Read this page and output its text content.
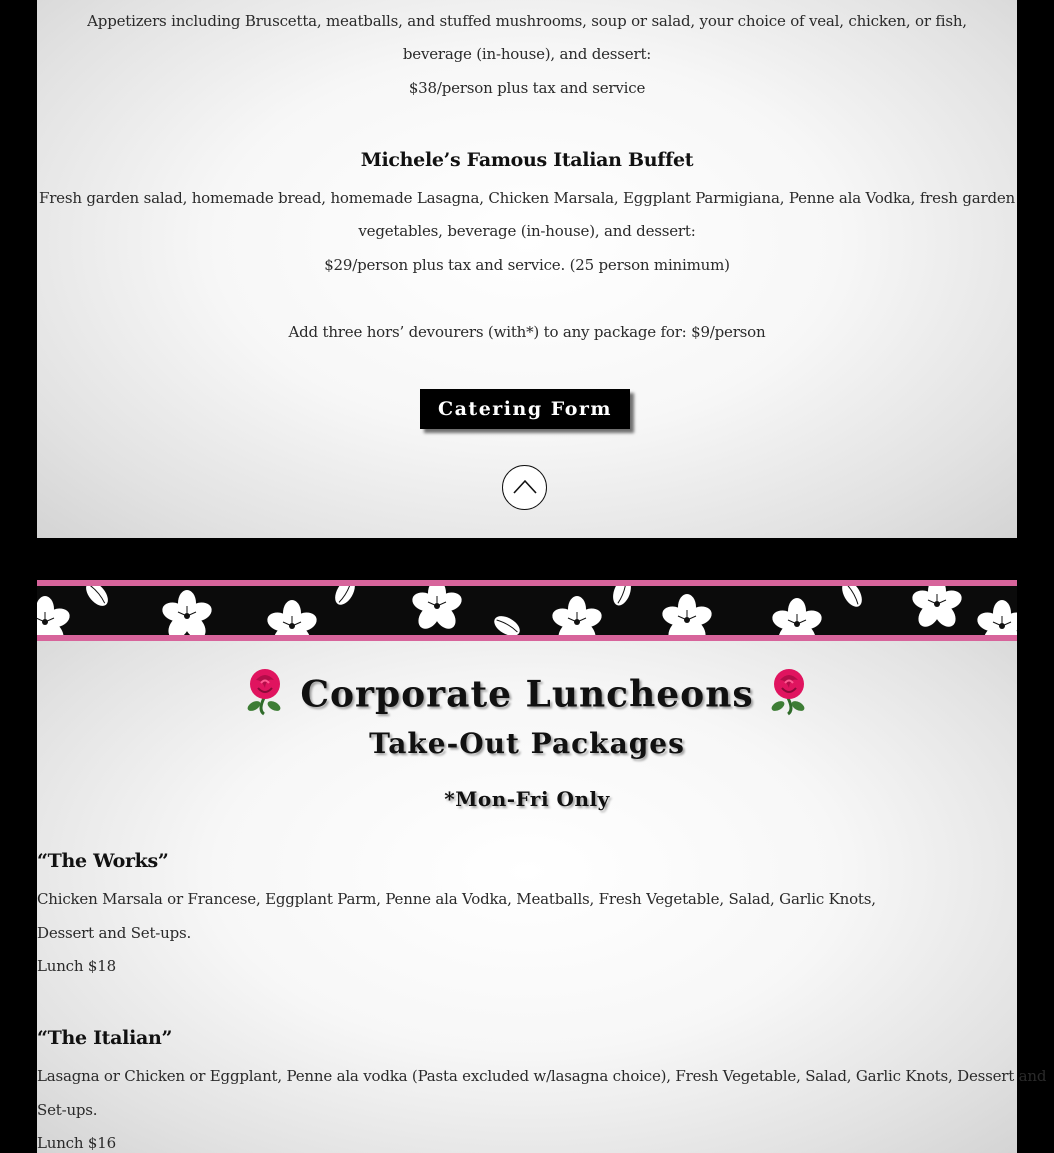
Appetizers including Bruscetta, meatballs, and stuffed mushrooms, soup or salad, your choice of veal, chicken, or fish,
beverage (in-house), and dessert:
$38/person plus tax and service
Michele’s Famous Italian Buffet
Fresh garden salad, homemade bread, homemade Lasagna, Chicken Marsala, Eggplant Parmigiana, Penne ala Vodka, fresh garden
vegetables, beverage (in-house), and dessert:
$29/person plus tax and service. (25 person minimum)
Add three hors’ devourers (with*) to any package for: $9/person
Catering Form
Corporate Luncheons
Take-Out Packages
*Mon-Fri Only
“The Works”
Chicken Marsala or Francese, Eggplant Parm, Penne ala Vodka, Meatballs, Fresh Vegetable, Salad, Garlic Knots,
Dessert and Set-ups.
Lunch $18
“The Italian”
Lasagna or Chicken or Eggplant, Penne ala vodka (Pasta excluded w/lasagna choice), Fresh Vegetable, Salad, Garlic Knots, Dessert and
Set-ups.
Lunch $16
